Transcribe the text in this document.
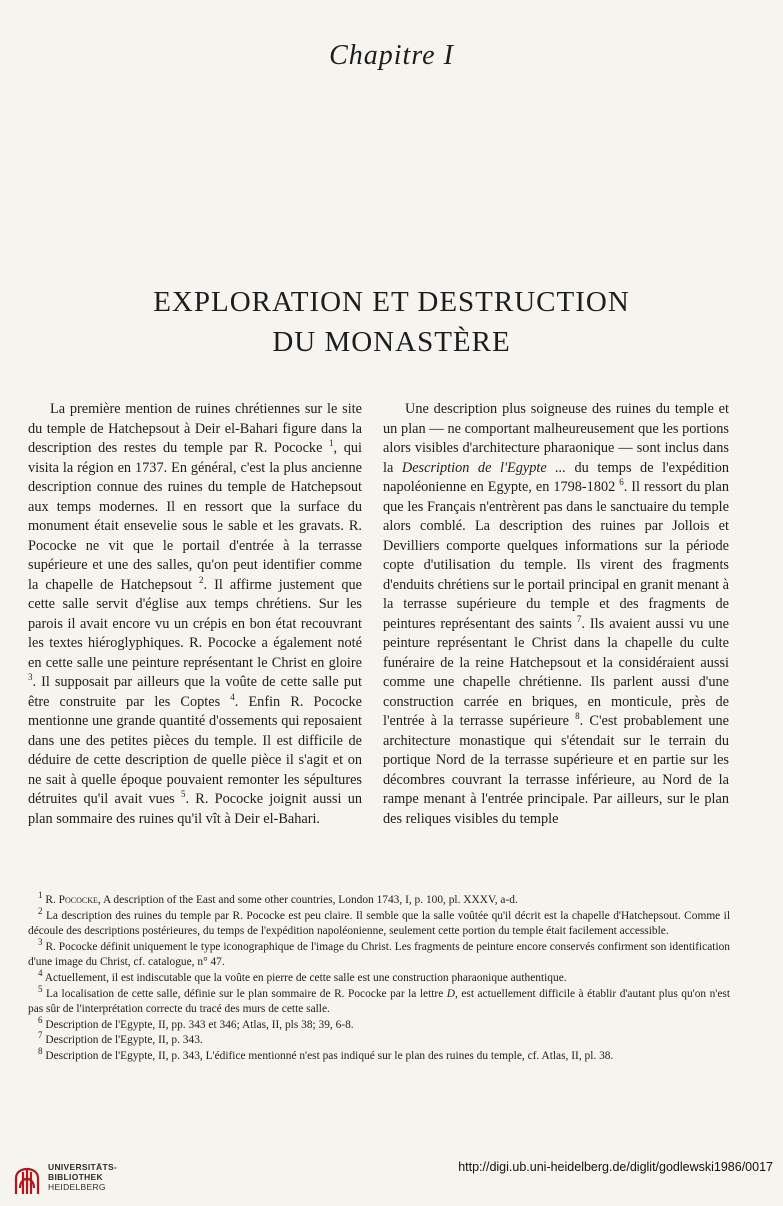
Chapitre I
EXPLORATION ET DESTRUCTION
DU MONASTÈRE

La première mention de ruines chrétiennes sur le site du temple de Hatchepsout à Deir el-Bahari figure dans la description des restes du temple par R. Pococke $^1$, qui visita la région en 1737. En général, c'est la plus ancienne description connue des ruines du temple de Hatchepsout aux temps modernes. Il en ressort que la surface du monument était ensevelie sous le sable et les gravats. R. Pococke ne vit que le portail d'entrée à la terrasse supérieure et une des salles, qu'on peut identifier comme la chapelle de Hatchepsout $^2$. Il affirme justement que cette salle servit d'église aux temps chrétiens. Sur les parois il avait encore vu un crépis en bon état recouvrant les textes hiéroglyphiques. R. Pococke a également noté en cette salle une peinture représentant le Christ en gloire $^3$. Il supposait par ailleurs que la voûte de cette salle put être construite par les Coptes $^4$. Enfin R. Pococke mentionne une grande quantité d'ossements qui reposaient dans une des petites pièces du temple. Il est difficile de déduire de cette description de quelle pièce il s'agit et on ne sait à quelle époque pouvaient remonter les sépultures détruites qu'il avait vues $^5$. R. Pococke joignit aussi un plan sommaire des ruines qu'il vît à Deir el-Bahari.

Une description plus soigneuse des ruines du temple et un plan — ne comportant malheureusement que les portions alors visibles d'architecture pharaonique — sont inclus dans la Description de l'Egypte ... du temps de l'expédition napoléonienne en Egypte, en 1798-1802 $^6$. Il ressort du plan que les Français n'entrèrent pas dans le sanctuaire du temple alors comblé. La description des ruines par Jollois et Devilliers comporte quelques informations sur la période copte d'utilisation du temple. Ils virent des fragments d'enduits chrétiens sur le portail principal en granit menant à la terrasse supérieure du temple et des fragments de peintures représentant des saints $^7$. Ils avaient aussi vu une peinture représentant le Christ dans la chapelle du culte funéraire de la reine Hatchepsout et la considéraient aussi comme une chapelle chrétienne. Ils parlent aussi d'une construction carrée en briques, en monticule, près de l'entrée à la terrasse supérieure $^8$. C'est probablement une architecture monastique qui s'étendait sur le terrain du portique Nord de la terrasse supérieure et en partie sur les décombres couvrant la terrasse inférieure, au Nord de la rampe menant à l'entrée principale. Par ailleurs, sur le plan des reliques visibles du temple

$^1$ R. Pococke, A description of the East and some other countries, London 1743, I, p. 100, pl. XXXV, a-d.

$^2$ La description des ruines du temple par R. Pococke est peu claire. Il semble que la salle voûtée qu'il décrit est la chapelle d'Hatchepsout. Comme il découle des descriptions postérieures, du temps de l'expédition napoléonienne, seulement cette portion du temple était facilement accessible.

$^3$ R. Pococke définit uniquement le type iconographique de l'image du Christ. Les fragments de peinture encore conservés confirment son identification d'une image du Christ, cf. catalogue, n° 47.

$^4$ Actuellement, il est indiscutable que la voûte en pierre de cette salle est une construction pharaonique authentique.

$^5$ La localisation de cette salle, définie sur le plan sommaire de R. Pococke par la lettre D, est actuellement difficile à établir d'autant plus qu'on n'est pas sûr de l'interprétation correcte du tracé des murs de cette salle.

$^6$ Description de l'Egypte, II, pp. 343 et 346; Atlas, II, pls 38; 39, 6-8.

$^7$ Description de l'Egypte, II, p. 343.

$^8$ Description de l'Egypte, II, p. 343, L'édifice mentionné n'est pas indiqué sur le plan des ruines du temple, cf. Atlas, II, pl. 38.

UNIVERSITÄTS-
BIBLIOTHEK
HEIDELBERG
http://digi.ub.uni-heidelberg.de/diglit/godlewski1986/0017
